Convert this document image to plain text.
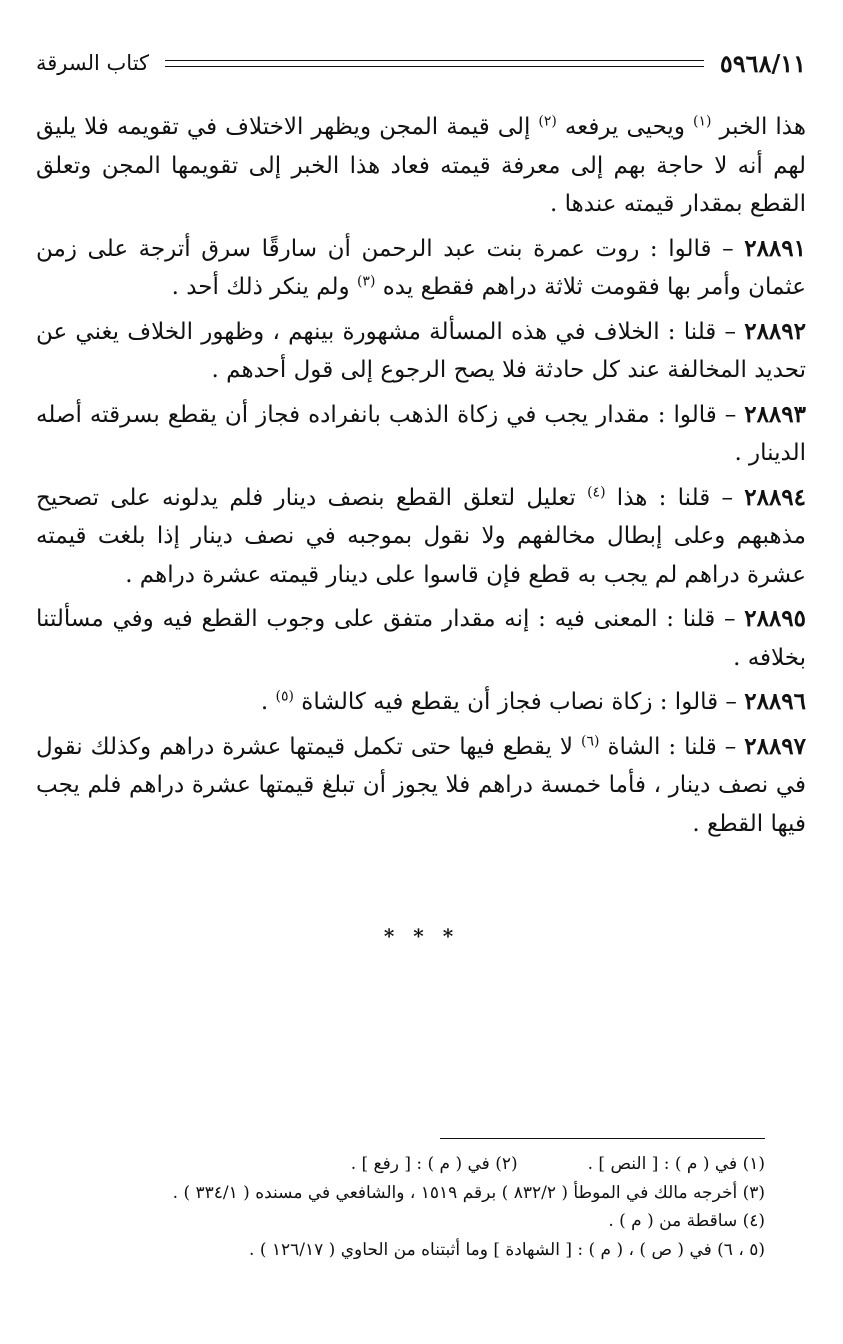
٥٩٦٨/١١
كتاب السرقة

هذا الخبر $^{(١)}$ ويحيى يرفعه $^{(٢)}$ إلى قيمة المجن ويظهر الاختلاف في تقويمه فلا يليق لهم أنه لا حاجة بهم إلى معرفة قيمته فعاد هذا الخبر إلى تقويمها المجن وتعلق القطع بمقدار قيمته عندها .

٢٨٨٩١ – قالوا : روت عمرة بنت عبد الرحمن أن سارقًا سرق أترجة على زمن عثمان وأمر بها فقومت ثلاثة دراهم فقطع يده $^{(٣)}$ ولم ينكر ذلك أحد .

٢٨٨٩٢ – قلنا : الخلاف في هذه المسألة مشهورة بينهم ، وظهور الخلاف يغني عن تحديد المخالفة عند كل حادثة فلا يصح الرجوع إلى قول أحدهم .

٢٨٨٩٣ – قالوا : مقدار يجب في زكاة الذهب بانفراده فجاز أن يقطع بسرقته أصله الدينار .

٢٨٨٩٤ – قلنا : هذا $^{(٤)}$ تعليل لتعلق القطع بنصف دينار فلم يدلونه على تصحيح مذهبهم وعلى إبطال مخالفهم ولا نقول بموجبه في نصف دينار إذا بلغت قيمته عشرة دراهم لم يجب به قطع فإن قاسوا على دينار قيمته عشرة دراهم .

٢٨٨٩٥ – قلنا : المعنى فيه : إنه مقدار متفق على وجوب القطع فيه وفي مسألتنا بخلافه .

٢٨٨٩٦ – قالوا : زكاة نصاب فجاز أن يقطع فيه كالشاة $^{(٥)}$ .

٢٨٨٩٧ – قلنا : الشاة $^{(٦)}$ لا يقطع فيها حتى تكمل قيمتها عشرة دراهم وكذلك نقول في نصف دينار ، فأما خمسة دراهم فلا يجوز أن تبلغ قيمتها عشرة دراهم فلم يجب فيها القطع .

* * *
(١) في ( م ) : [ النص ] .(٢) في ( م ) : [ رفع ] .
(٣) أخرجه مالك في الموطأ ( ٨٣٢/٢ ) برقم ١٥١٩ ، والشافعي في مسنده ( ٣٣٤/١ ) .
(٤) ساقطة من ( م ) .
(٥ ، ٦) في ( ص ) ، ( م ) : [ الشهادة ] وما أثبتناه من الحاوي ( ١٢٦/١٧ ) .
